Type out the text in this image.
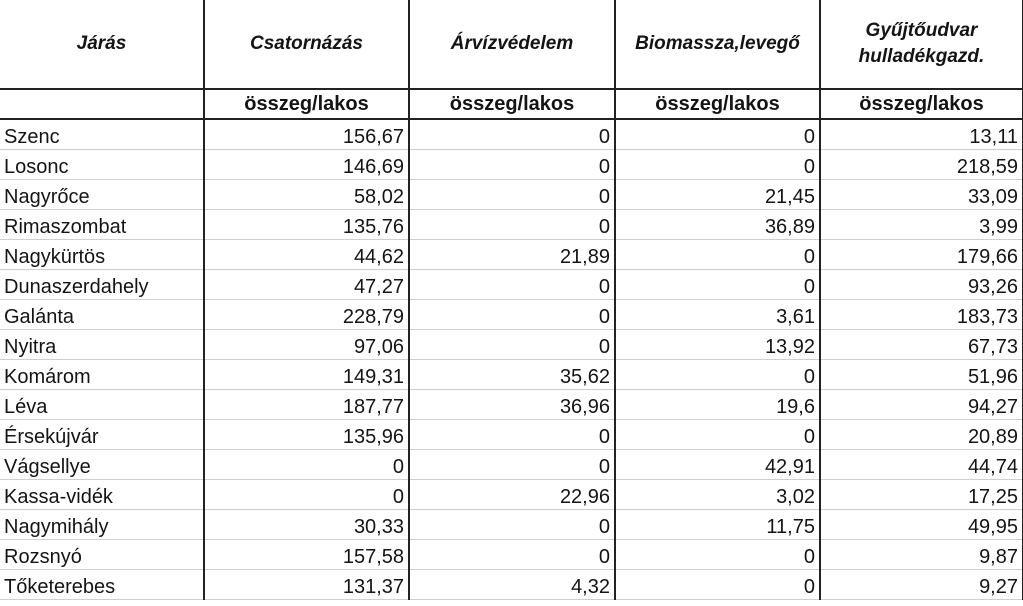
Járás	Csatornázás	Árvízvédelem	Biomassza,levegő	Gyűjtőudvar
hulladékgazd.
	összeg/lakos	összeg/lakos	összeg/lakos	összeg/lakos
Szenc	156,67	0	0	13,11
Losonc	146,69	0	0	218,59
Nagyrőce	58,02	0	21,45	33,09
Rimaszombat	135,76	0	36,89	3,99
Nagykürtös	44,62	21,89	0	179,66
Dunaszerdahely	47,27	0	0	93,26
Galánta	228,79	0	3,61	183,73
Nyitra	97,06	0	13,92	67,73
Komárom	149,31	35,62	0	51,96
Léva	187,77	36,96	19,6	94,27
Érsekújvár	135,96	0	0	20,89
Vágsellye	0	0	42,91	44,74
Kassa-vidék	0	22,96	3,02	17,25
Nagymihály	30,33	0	11,75	49,95
Rozsnyó	157,58	0	0	9,87
Tőketerebes	131,37	4,32	0	9,27
